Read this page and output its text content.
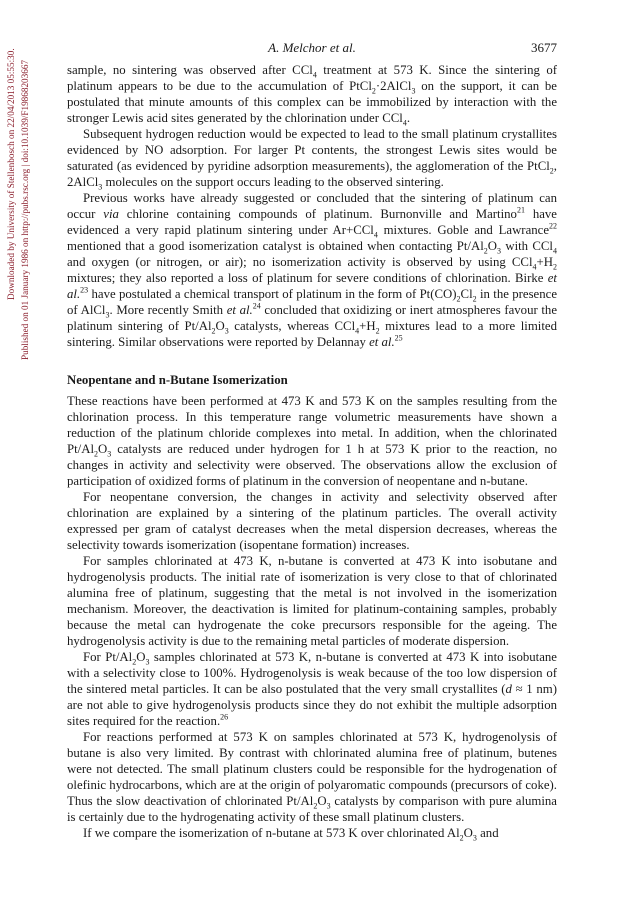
Downloaded by University of Stellenbosch on 22/04/2013 05:55:30. Published on 01 January 1986 on http://pubs.rsc.org | doi:10.1039/F19868203667
A. Melchor et al.	3677

sample, no sintering was observed after CCl$_4$ treatment at 573 K. Since the sintering of platinum appears to be due to the accumulation of PtCl$_2$·2AlCl$_3$ on the support, it can be postulated that minute amounts of this complex can be immobilized by interaction with the stronger Lewis acid sites generated by the chlorination under CCl$_4$.

Subsequent hydrogen reduction would be expected to lead to the small platinum crystallites evidenced by NO adsorption. For larger Pt contents, the strongest Lewis sites would be saturated (as evidenced by pyridine adsorption measurements), the agglomeration of the PtCl$_2$, 2AlCl$_3$ molecules on the support occurs leading to the observed sintering.

Previous works have already suggested or concluded that the sintering of platinum can occur via chlorine containing compounds of platinum. Burnonville and Martino$^{21}$ have evidenced a very rapid platinum sintering under Ar+CCl$_4$ mixtures. Goble and Lawrance$^{22}$ mentioned that a good isomerization catalyst is obtained when contacting $Pt/Al_2O_3$ with CCl$_4$ and oxygen (or nitrogen, or air); no isomerization activity is observed by using $CCl_4+H_2$ mixtures; they also reported a loss of platinum for severe conditions of chlorination. Birke et al.$^{23}$ have postulated a chemical transport of platinum in the form of $Pt(CO)_2Cl_2$ in the presence of AlCl$_3$. More recently Smith et al.$^{24}$ concluded that oxidizing or inert atmospheres favour the platinum sintering of $Pt/Al_2O_3$ catalysts, whereas $CCl_4+H_2$ mixtures lead to a more limited sintering. Similar observations were reported by Delannay et al.$^{25}$

Neopentane and n-Butane Isomerization

These reactions have been performed at 473 K and 573 K on the samples resulting from the chlorination process. In this temperature range volumetric measurements have shown a reduction of the platinum chloride complexes into metal. In addition, when the chlorinated $Pt/Al_2O_3$ catalysts are reduced under hydrogen for 1 h at 573 K prior to the reaction, no changes in activity and selectivity were observed. The observations allow the exclusion of participation of oxidized forms of platinum in the conversion of neopentane and n-butane.

For neopentane conversion, the changes in activity and selectivity observed after chlorination are explained by a sintering of the platinum particles. The overall activity expressed per gram of catalyst decreases when the metal dispersion decreases, whereas the selectivity towards isomerization (isopentane formation) increases.

For samples chlorinated at 473 K, n-butane is converted at 473 K into isobutane and hydrogenolysis products. The initial rate of isomerization is very close to that of chlorinated alumina free of platinum, suggesting that the metal is not involved in the isomerization mechanism. Moreover, the deactivation is limited for platinum-containing samples, probably because the metal can hydrogenate the coke precursors responsible for the ageing. The hydrogenolysis activity is due to the remaining metal particles of moderate dispersion.

For $Pt/Al_2O_3$ samples chlorinated at 573 K, n-butane is converted at 473 K into isobutane with a selectivity close to 100%. Hydrogenolysis is weak because of the too low dispersion of the sintered metal particles. It can be also postulated that the very small crystallites (d ≈ 1 nm) are not able to give hydrogenolysis products since they do not exhibit the multiple adsorption sites required for the reaction.$^{26}$

For reactions performed at 573 K on samples chlorinated at 573 K, hydrogenolysis of butane is also very limited. By contrast with chlorinated alumina free of platinum, butenes were not detected. The small platinum clusters could be responsible for the hydrogenation of olefinic hydrocarbons, which are at the origin of polyaromatic compounds (precursors of coke). Thus the slow deactivation of chlorinated $Pt/Al_2O_3$ catalysts by comparison with pure alumina is certainly due to the hydrogenating activity of these small platinum clusters.

If we compare the isomerization of n-butane at 573 K over chlorinated $Al_2O_3$ and
